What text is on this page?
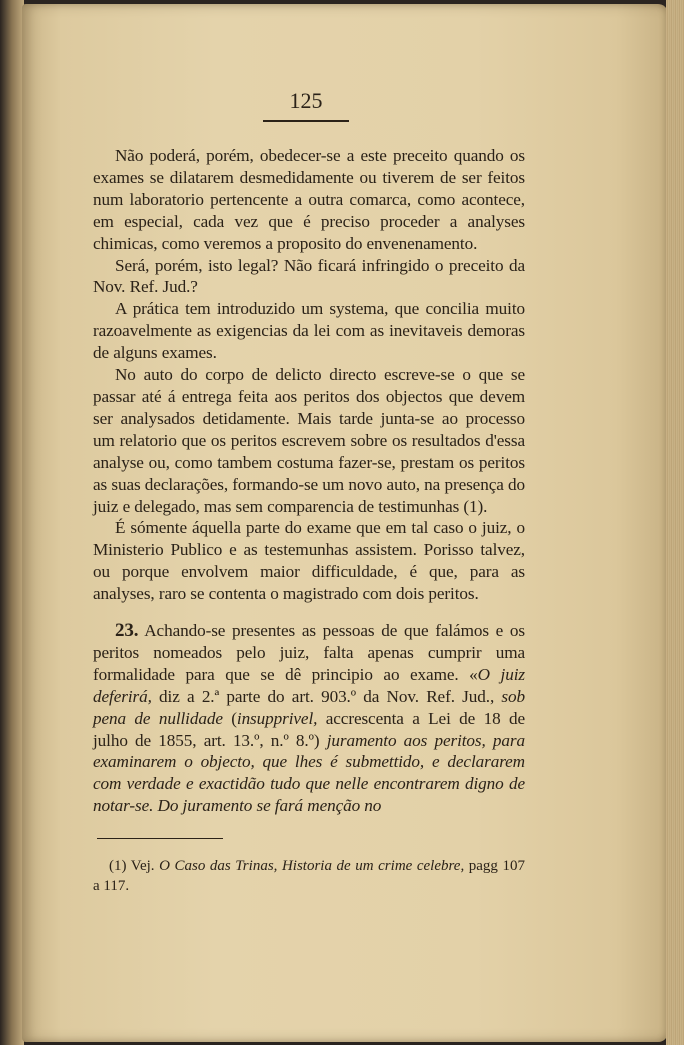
125

Não poderá, porém, obedecer-se a este preceito quando os exames se dilatarem desmedidamente ou tiverem de ser feitos num laboratorio pertencente a outra comarca, como acontece, em especial, cada vez que é preciso proceder a analyses chimicas, como veremos a proposito do envenenamento.

Será, porém, isto legal? Não ficará infringido o preceito da Nov. Ref. Jud.?

A prática tem introduzido um systema, que concilia muito razoavelmente as exigencias da lei com as inevitaveis demoras de alguns exames.

No auto do corpo de delicto directo escreve-se o que se passar até á entrega feita aos peritos dos objectos que devem ser analysados detidamente. Mais tarde junta-se ao processo um relatorio que os peritos escrevem sobre os resultados d'essa analyse ou, como tambem costuma fazer-se, prestam os peritos as suas declarações, formando-se um novo auto, na presença do juiz e delegado, mas sem comparencia de testimunhas (1).

É sómente áquella parte do exame que em tal caso o juiz, o Ministerio Publico e as testemunhas assistem. Porisso talvez, ou porque envolvem maior difficuldade, é que, para as analyses, raro se contenta o magistrado com dois peritos.

23. Achando-se presentes as pessoas de que falámos e os peritos nomeados pelo juiz, falta apenas cumprir uma formalidade para que se dê principio ao exame. «O juiz deferirá, diz a 2.ª parte do art. 903.º da Nov. Ref. Jud., sob pena de nullidade (insupprivel, accrescenta a Lei de 18 de julho de 1855, art. 13.º, n.º 8.º) juramento aos peritos, para examinarem o objecto, que lhes é submettido, e declararem com verdade e exactidão tudo que nelle encontrarem digno de notar-se. Do juramento se fará menção no

(1) Vej. O Caso das Trinas, Historia de um crime celebre, pagg 107 a 117.
